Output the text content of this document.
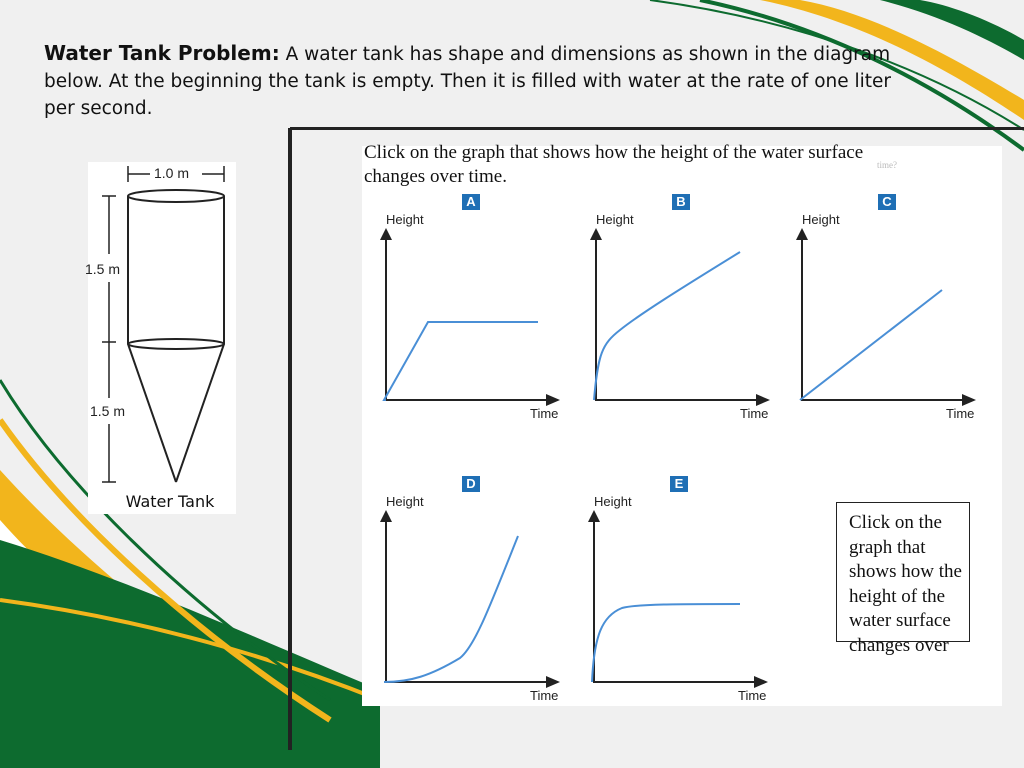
Water Tank Problem: A water tank has shape and dimensions as shown in the diagram below. At the beginning the tank is empty. Then it is filled with water at the rate of one liter per second.
1.0 m
1.5 m
1.5 m
Water Tank
Click on the graph that shows how the height of the water surface changes over time.
time?
A
Height
Time
B
Height
Time
C
Height
Time
D
Height
Time
E
Height
Time
Click on the graph that shows how the height of the water surface changes over
